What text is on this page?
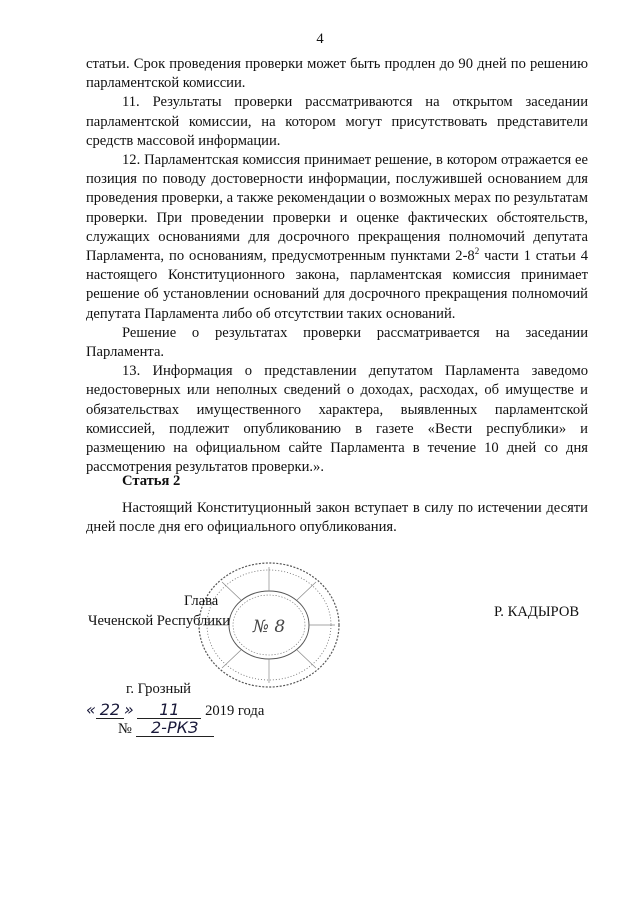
4

статьи. Срок проведения проверки может быть продлен до 90 дней по решению парламентской комиссии.

11. Результаты проверки рассматриваются на открытом заседании парламентской комиссии, на котором могут присутствовать представители средств массовой информации.

12. Парламентская комиссия принимает решение, в котором отражается ее позиция по поводу достоверности информации, послужившей основанием для проведения проверки, а также рекомендации о возможных мерах по результатам проверки. При проведении проверки и оценке фактических обстоятельств, служащих основаниями для досрочного прекращения полномочий депутата Парламента, по основаниям, предусмотренным пунктами $2-8^2$ части 1 статьи 4 настоящего Конституционного закона, парламентская комиссия принимает решение об установлении оснований для досрочного прекращения полномочий депутата Парламента либо об отсутствии таких оснований.

Решение о результатах проверки рассматривается на заседании Парламента.

13. Информация о представлении депутатом Парламента заведомо недостоверных или неполных сведений о доходах, расходах, об имуществе и обязательствах имущественного характера, выявленных парламентской комиссией, подлежит опубликованию в газете «Вести республики» и размещению на официальном сайте Парламента в течение 10 дней со дня рассмотрения результатов проверки.».

Статья 2
Настоящий Конституционный закон вступает в силу по истечении десяти дней после дня его официального опубликования.
№ 8
Глава
Чеченской Республики
Р. КАДЫРОВ
г. Грозный
« 22 » 11 2019 года
№ 2-РКЗ
